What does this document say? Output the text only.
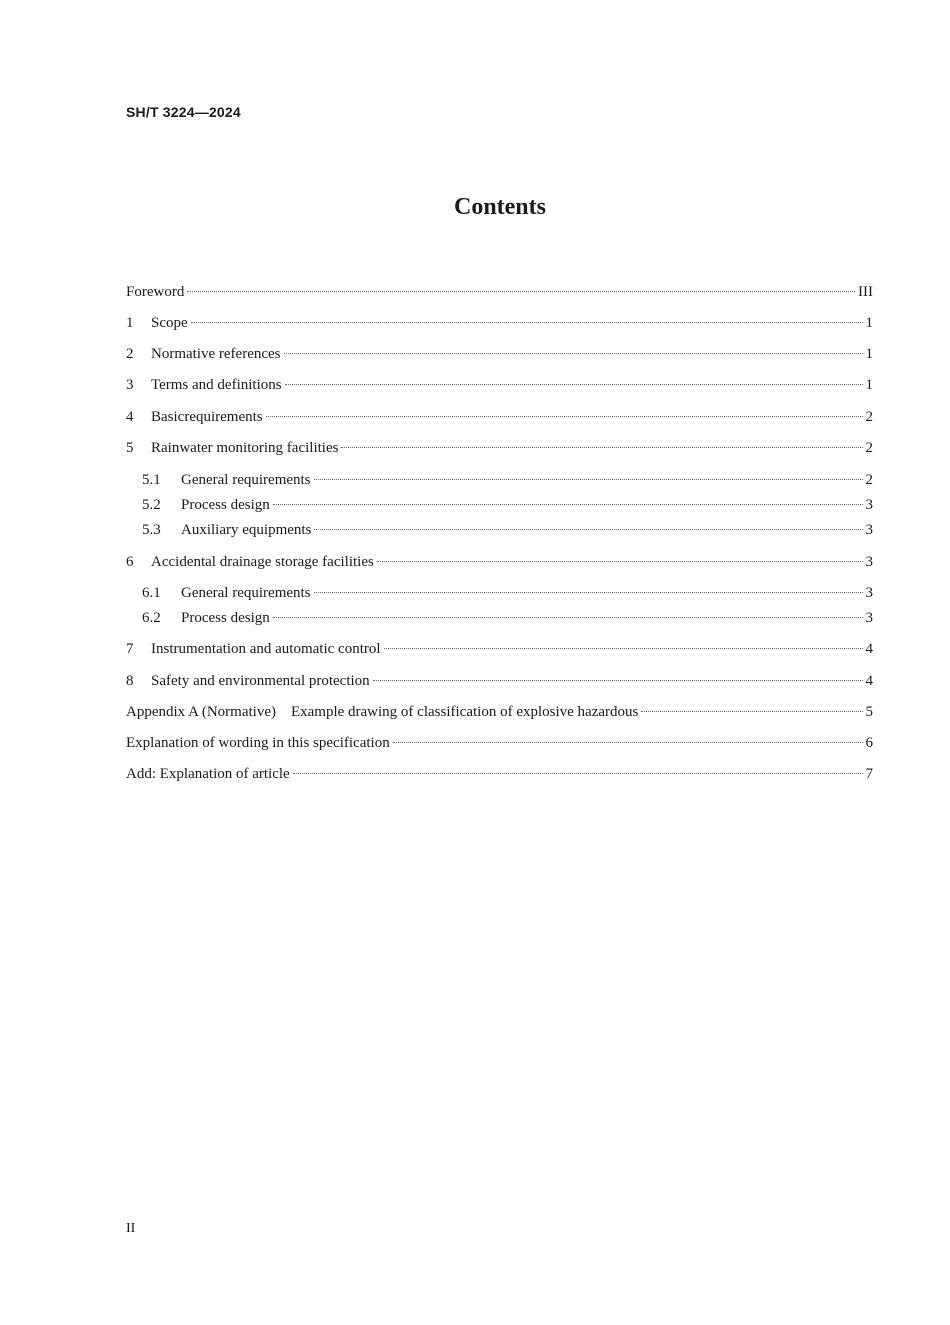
SH/T 3224—2024
Contents
Foreword	III
1	Scope	1
2	Normative references	1
3	Terms and definitions	1
4	Basicrequirements	2
5	Rainwater monitoring facilities	2
5.1	General requirements	2
5.2	Process design	3
5.3	Auxiliary equipments	3
6	Accidental drainage storage facilities	3
6.1	General requirements	3
6.2	Process design	3
7	Instrumentation and automatic control	4
8	Safety and environmental protection	4
Appendix A (Normative)    Example drawing of classification of explosive hazardous	5
Explanation of wording in this specification	6
Add: Explanation of article	7
II
